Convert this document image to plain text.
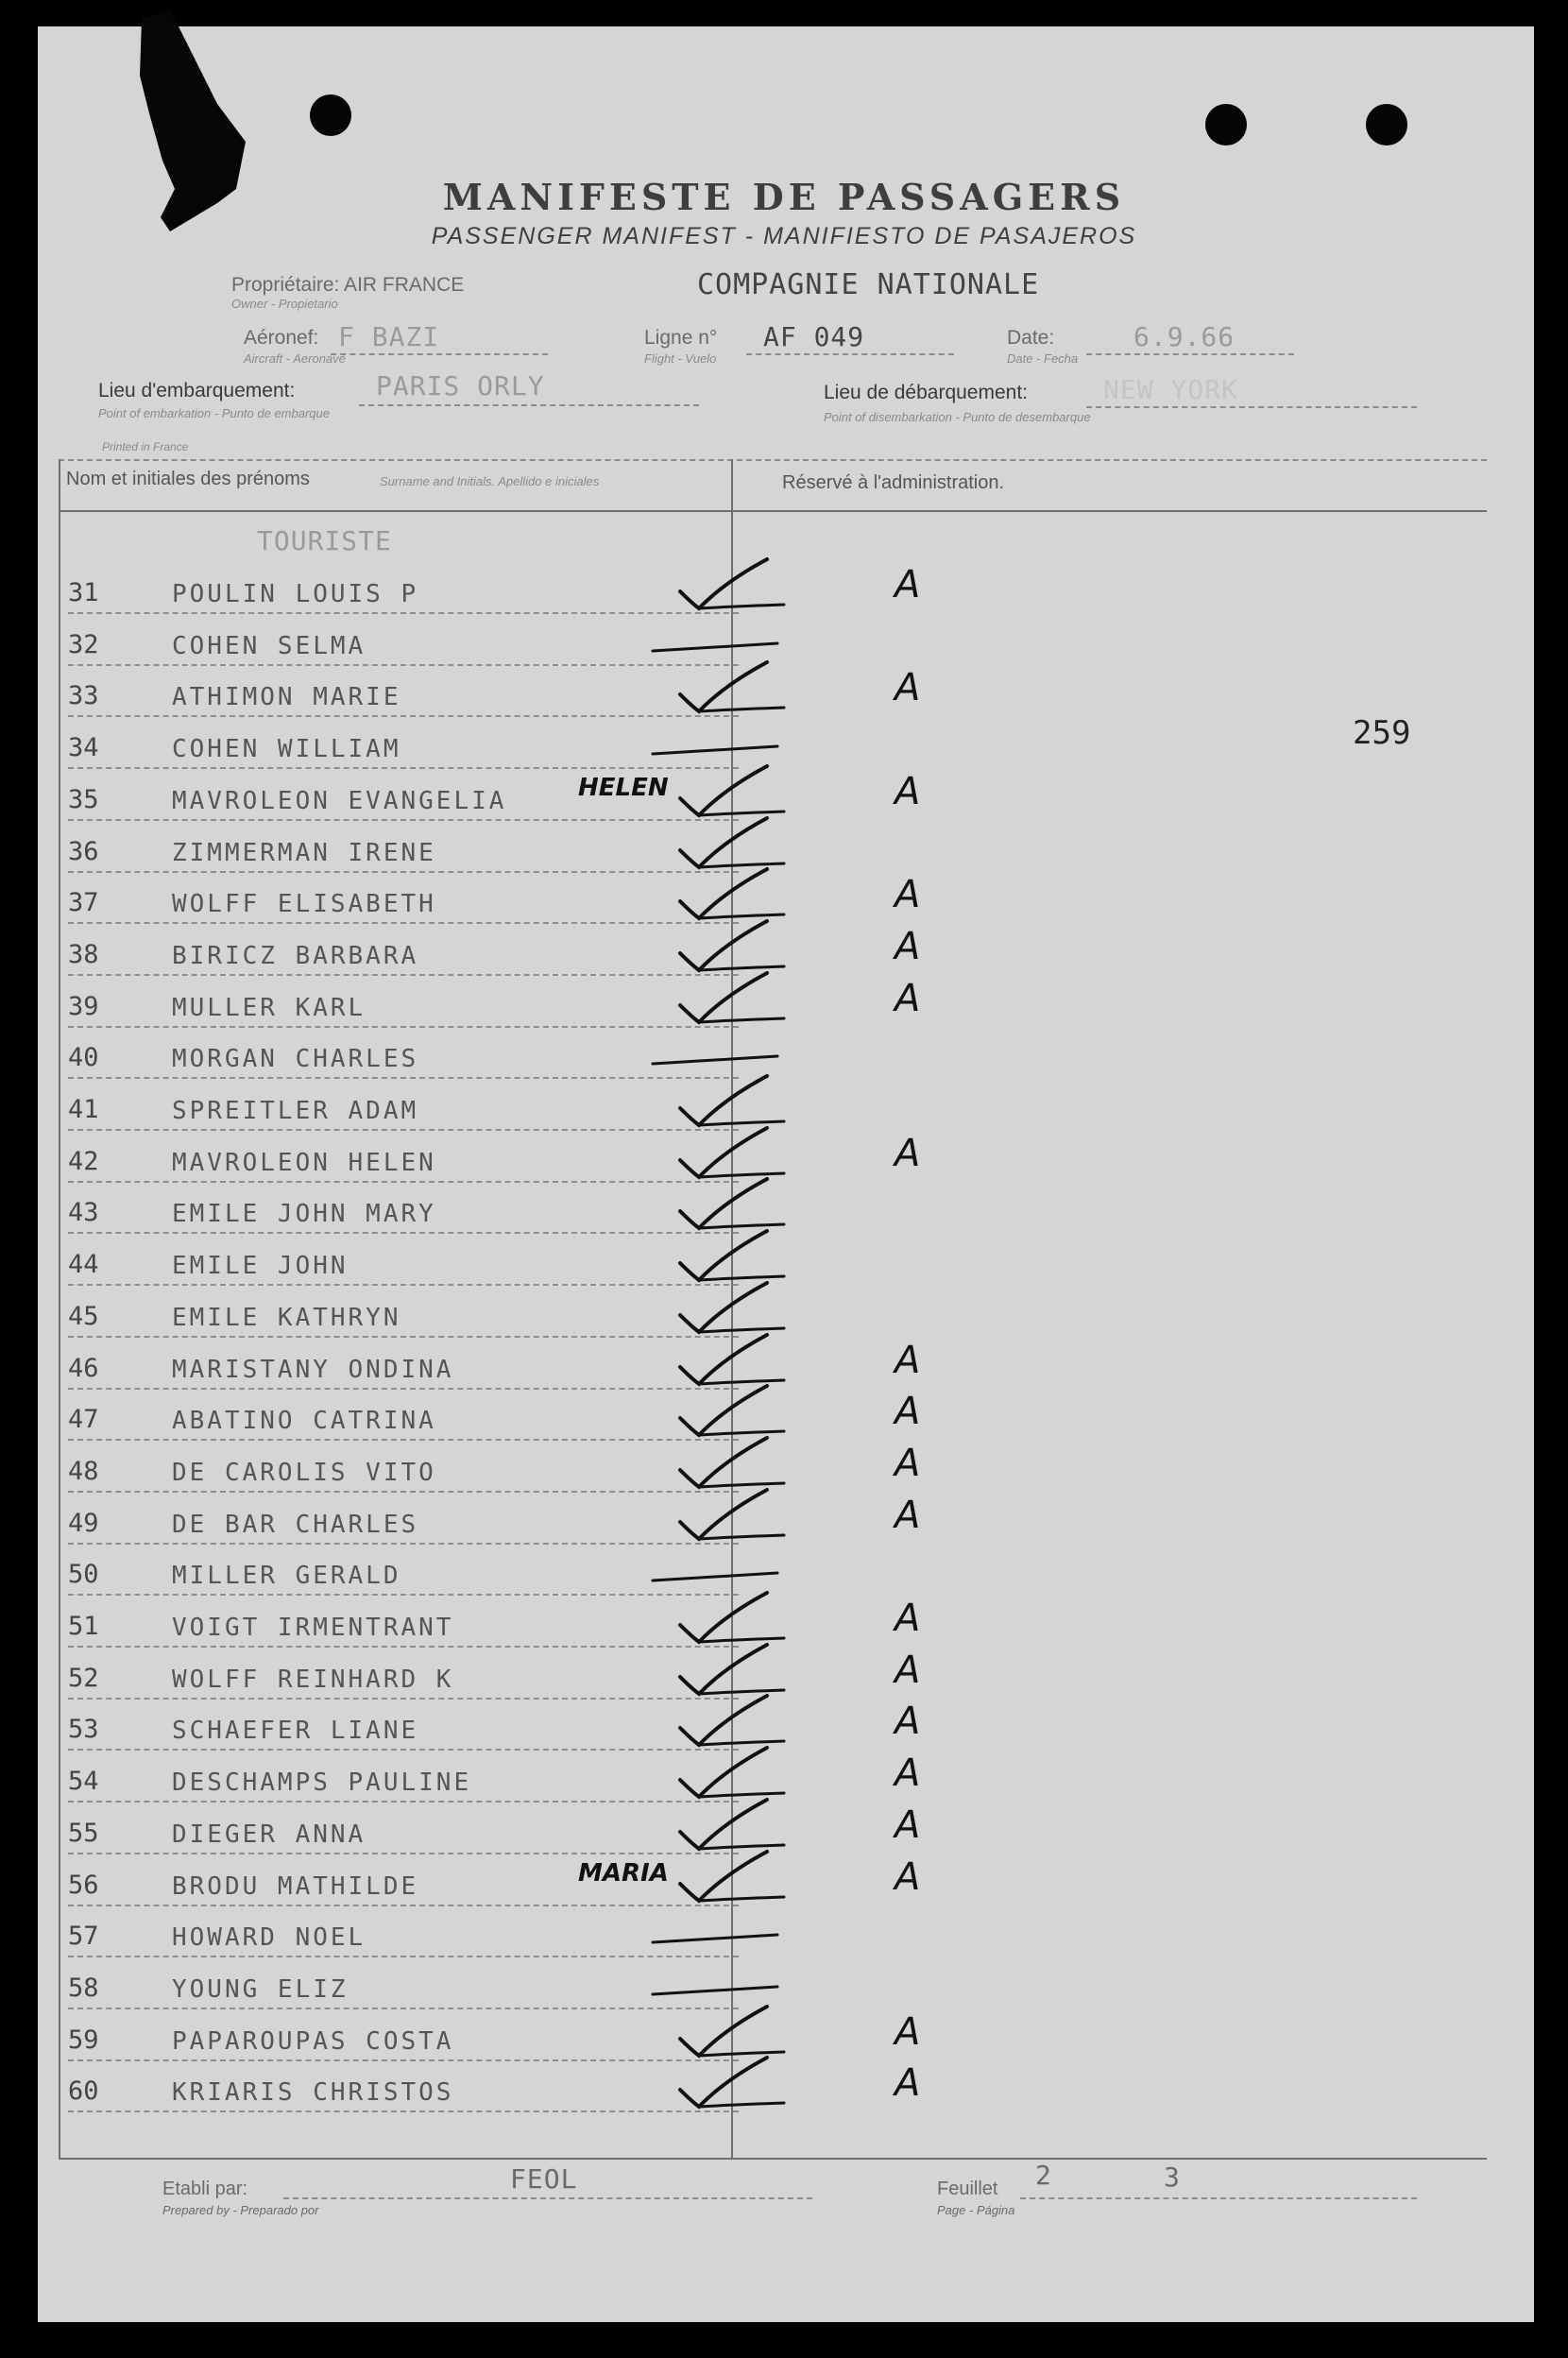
MANIFESTE DE PASSAGERS
PASSENGER MANIFEST - MANIFIESTO DE PASAJEROS
Propriétaire: AIR FRANCE
Owner - Propietario
COMPAGNIE NATIONALE
Aéronef: F BAZI
Aircraft - Aeronave
Ligne n° AF 049
Flight - Vuelo
Date:	6.9.66
Date - Fecha
Lieu d'embarquement:	PARIS ORLY
Point of embarkation - Punto de embarque
Lieu de débarquement:	NEW YORK
Point of disembarkation - Punto de desembarque
Printed in France
Nom et initiales des prénoms	Surname and Initials. Apellido e iniciales	Réservé à l'administration.
TOURISTE
259
31	POULIN LOUIS P	A
32	COHEN SELMA
33	ATHIMON MARIE	A
34	COHEN WILLIAM
35	MAVROLEON EVANGELIA	A
HELEN
36	ZIMMERMAN IRENE
37	WOLFF ELISABETH	A
38	BIRICZ BARBARA	A
39	MULLER KARL	A
40	MORGAN CHARLES
41	SPREITLER ADAM
42	MAVROLEON HELEN	A
43	EMILE JOHN MARY
44	EMILE JOHN
45	EMILE KATHRYN
46	MARISTANY ONDINA	A
47	ABATINO CATRINA	A
48	DE CAROLIS VITO	A
49	DE BAR CHARLES	A
50	MILLER GERALD
51	VOIGT IRMENTRANT	A
52	WOLFF REINHARD K	A
53	SCHAEFER LIANE	A
54	DESCHAMPS PAULINE	A
55	DIEGER ANNA	A
56	BRODU MATHILDE	A
MARIA
57	HOWARD NOEL
58	YOUNG ELIZ
59	PAPAROUPAS COSTA	A
60	KRIARIS CHRISTOS	A
Etabli par:
Prepared by - Preparado por
FEOL	Feuillet
Page - Página
2	3
